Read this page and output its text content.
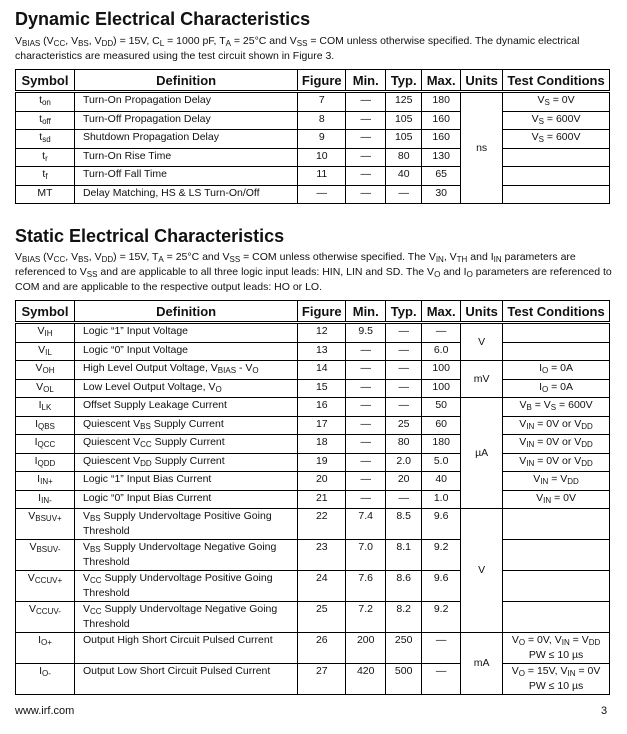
Dynamic Electrical Characteristics

$V_{BIAS}$ ($V_{CC}$, $V_{BS}$, $V_{DD}) = 15V$, $C_L = 1000$ pF, $T_A = 25^\circ C$ and $V_{SS}$ = COM unless otherwise specified. The dynamic electrical characteristics are measured using the test circuit shown in Figure 3.

Symbol	Definition	Figure	Min.	Typ.	Max.	Units	Test Conditions
$t_{on}$	Turn-On Propagation Delay	7	—	125	180	ns	$V_S = 0V$

$t_{off}$	Turn-Off Propagation Delay	8	—	105	160		$V_S = 600V$

$t_{sd}$	Shutdown Propagation Delay	9	—	105	160		$V_S = 600V$

$t_r$	Turn-On Rise Time	10	—	80	130		
$t_f$	Turn-Off Fall Time	11	—	40	65		
MT	Delay Matching, HS & LS Turn-On/Off	—	—	—	30		
Static Electrical Characteristics

$V_{BIAS}$ ($V_{CC}$, $V_{BS}$, $V_{DD}) = 15V$, $T_A = 25^\circ C$ and $V_{SS}$ = COM unless otherwise specified. The $V_{IN}$, $V_{TH}$ and $I_{IN}$ parameters are referenced to $V_{SS}$ and are applicable to all three logic input leads: HIN, LIN and SD. The $V_O$ and $I_O$ parameters are referenced to COM and are applicable to the respective output leads: HO or LO.

Symbol	Definition	Figure	Min.	Typ.	Max.	Units	Test Conditions
$V_{IH}$	Logic “1” Input Voltage	12	9.5	—	—	V	
$V_{IL}$	Logic “0” Input Voltage	13	—	—	6.0		
$V_{OH}$	High Level Output Voltage, $V_{BIAS} - V_O$	14	—	—	100	mV	$I_O = 0A$

$V_{OL}$	Low Level Output Voltage, $V_O$	15	—	—	100		$I_O = 0A$

$I_{LK}$	Offset Supply Leakage Current	16	—	—	50	µA	$V_B = V_S = 600V$

$I_{QBS}$	Quiescent $V_{BS}$ Supply Current	17	—	25	60		$V_{IN} = 0V$ or $V_{DD}$

$I_{QCC}$	Quiescent $V_{CC}$ Supply Current	18	—	80	180		$V_{IN} = 0V$ or $V_{DD}$

$I_{QDD}$	Quiescent $V_{DD}$ Supply Current	19	—	2.0	5.0		$V_{IN} = 0V$ or $V_{DD}$

$I_{IN+}$	Logic “1” Input Bias Current	20	—	20	40		$V_{IN} = V_{DD}$

$I_{IN-}$	Logic “0” Input Bias Current	21	—	—	1.0		$V_{IN} = 0V$

$V_{BSUV+}$	$V_{BS}$ Supply Undervoltage Positive Going Threshold	22	7.4	8.5	9.6	V	
$V_{BSUV-}$	$V_{BS}$ Supply Undervoltage Negative Going Threshold	23	7.0	8.1	9.2		
$V_{CCUV+}$	$V_{CC}$ Supply Undervoltage Positive Going Threshold	24	7.6	8.6	9.6		
$V_{CCUV-}$	$V_{CC}$ Supply Undervoltage Negative Going Threshold	25	7.2	8.2	9.2		
$I_{O+}$	Output High Short Circuit Pulsed Current	26	200	250	—	mA	$V_O = 0V$, $V_{IN} = V_{DD}$
PW ≤ 10 µs

$I_{O-}$	Output Low Short Circuit Pulsed Current	27	420	500	—		$V_O = 15V$, $V_{IN} = 0V$
PW ≤ 10 µs
www.irf.com	3
